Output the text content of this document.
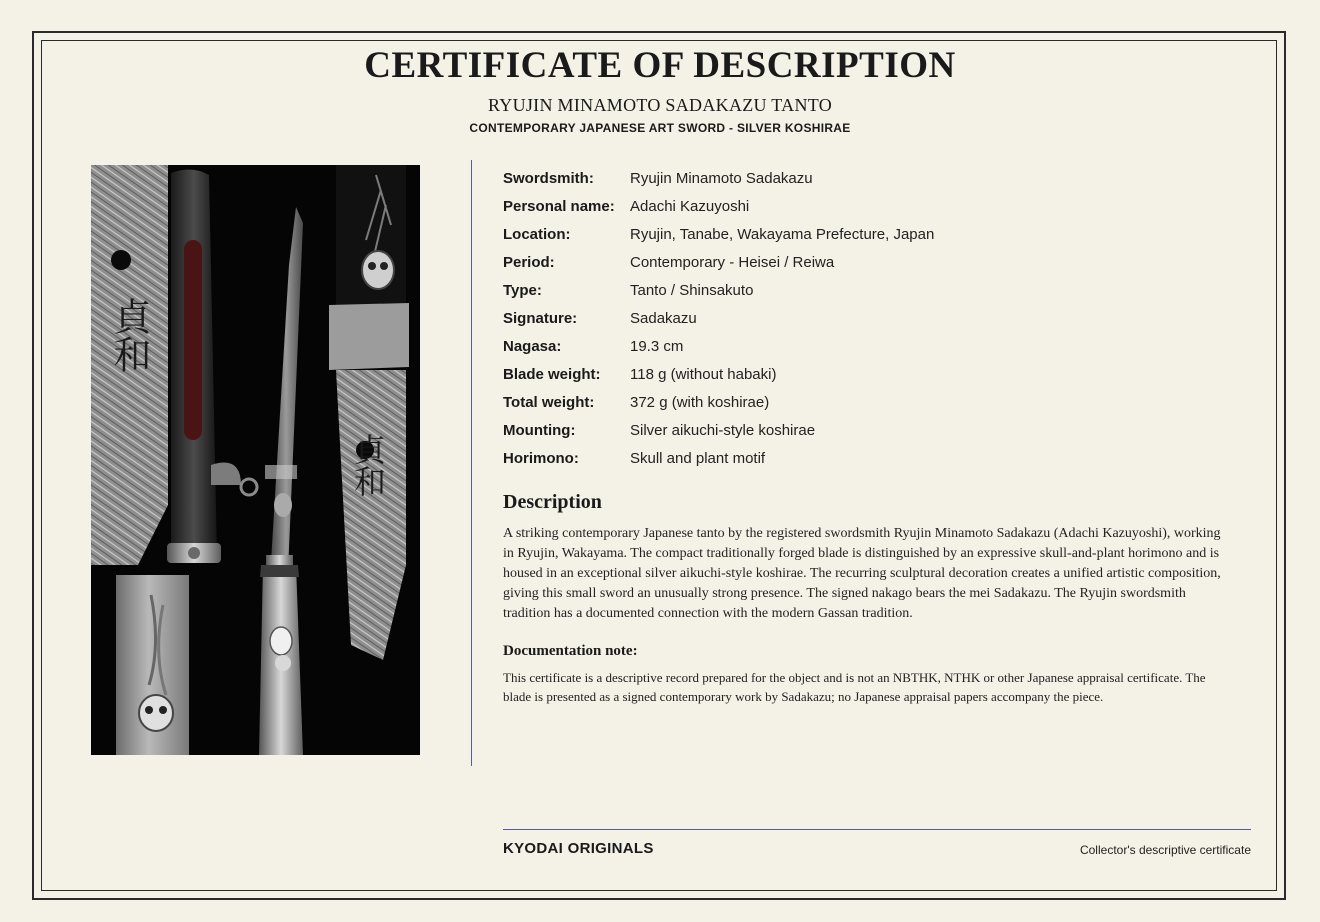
CERTIFICATE OF DESCRIPTION
RYUJIN MINAMOTO SADAKAZU TANTO
CONTEMPORARY JAPANESE ART SWORD - SILVER KOSHIRAE
貞和
貞和
Swordsmith:	Ryujin Minamoto Sadakazu
Personal name:	Adachi Kazuyoshi
Location:	Ryujin, Tanabe, Wakayama Prefecture, Japan
Period:	Contemporary - Heisei / Reiwa
Type:	Tanto / Shinsakuto
Signature:	Sadakazu
Nagasa:	19.3 cm
Blade weight:	118 g (without habaki)
Total weight:	372 g (with koshirae)
Mounting:	Silver aikuchi-style koshirae
Horimono:	Skull and plant motif
Description
A striking contemporary Japanese tanto by the registered swordsmith Ryujin Minamoto Sadakazu (Adachi Kazuyoshi), working in Ryujin, Wakayama. The compact traditionally forged blade is distinguished by an expressive skull-and-plant horimono and is housed in an exceptional silver aikuchi-style koshirae. The recurring sculptural decoration creates a unified artistic composition, giving this small sword an unusually strong presence. The signed nakago bears the mei Sadakazu. The Ryujin swordsmith tradition has a documented connection with the modern Gassan tradition.
Documentation note:
This certificate is a descriptive record prepared for the object and is not an NBTHK, NTHK or other Japanese appraisal certificate. The blade is presented as a signed contemporary work by Sadakazu; no Japanese appraisal papers accompany the piece.
KYODAI ORIGINALS	Collector's descriptive certificate
